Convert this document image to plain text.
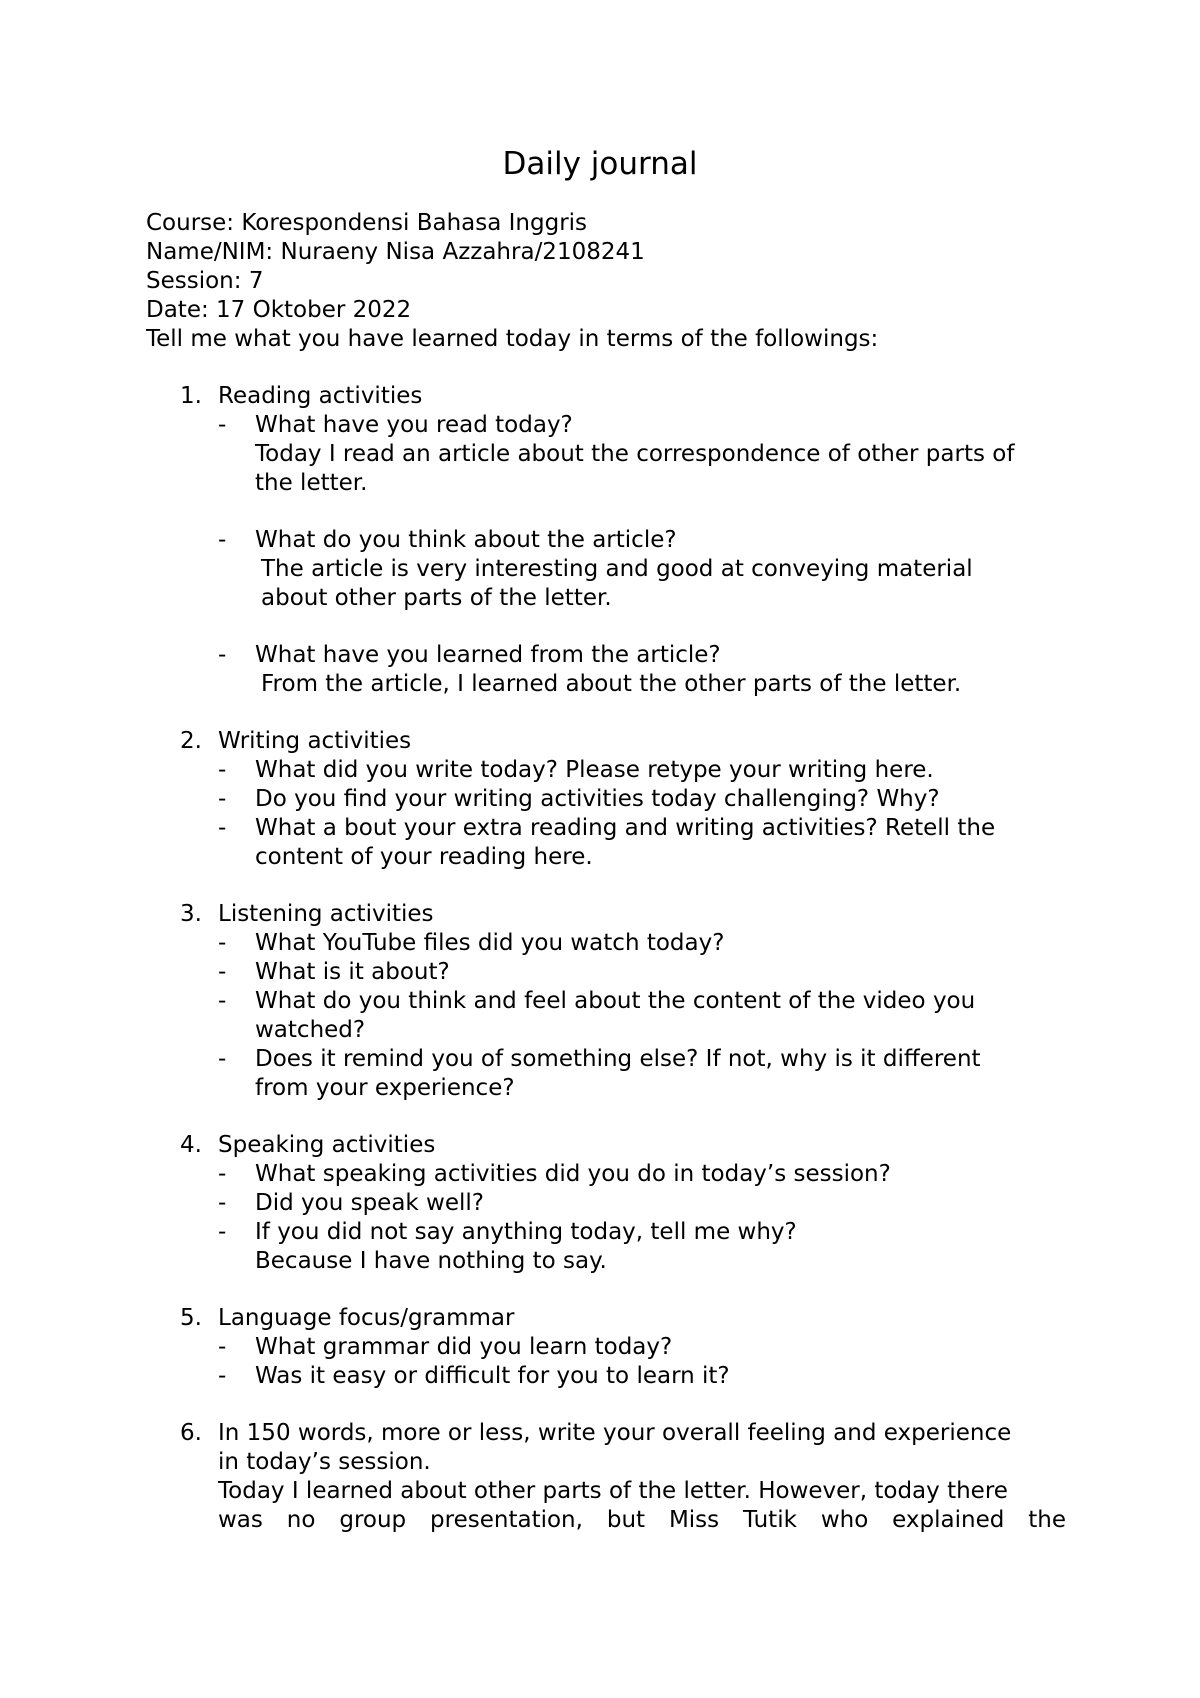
Daily journal

Course: Korespondensi Bahasa Inggris

Name/NIM: Nuraeny Nisa Azzahra/2108241

Session: 7

Date: 17 Oktober 2022

Tell me what you have learned today in terms of the followings:

1. Reading activities

- What have you read today?

Today I read an article about the correspondence of other parts of

the letter.

- What do you think about the article?

The article is very interesting and good at conveying material

about other parts of the letter.

- What have you learned from the article?

From the article, I learned about the other parts of the letter.

2. Writing activities

- What did you write today? Please retype your writing here.

- Do you find your writing activities today challenging? Why?

- What a bout your extra reading and writing activities? Retell the

content of your reading here.

3. Listening activities

- What YouTube files did you watch today?

- What is it about?

- What do you think and feel about the content of the video you

watched?

- Does it remind you of something else? If not, why is it different

from your experience?

4. Speaking activities

- What speaking activities did you do in today’s session?

- Did you speak well?

- If you did not say anything today, tell me why?

Because I have nothing to say.

5. Language focus/grammar

- What grammar did you learn today?

- Was it easy or difficult for you to learn it?

6. In 150 words, more or less, write your overall feeling and experience

in today’s session.

Today I learned about other parts of the letter. However, today there

was no group presentation, but Miss Tutik who explained the
